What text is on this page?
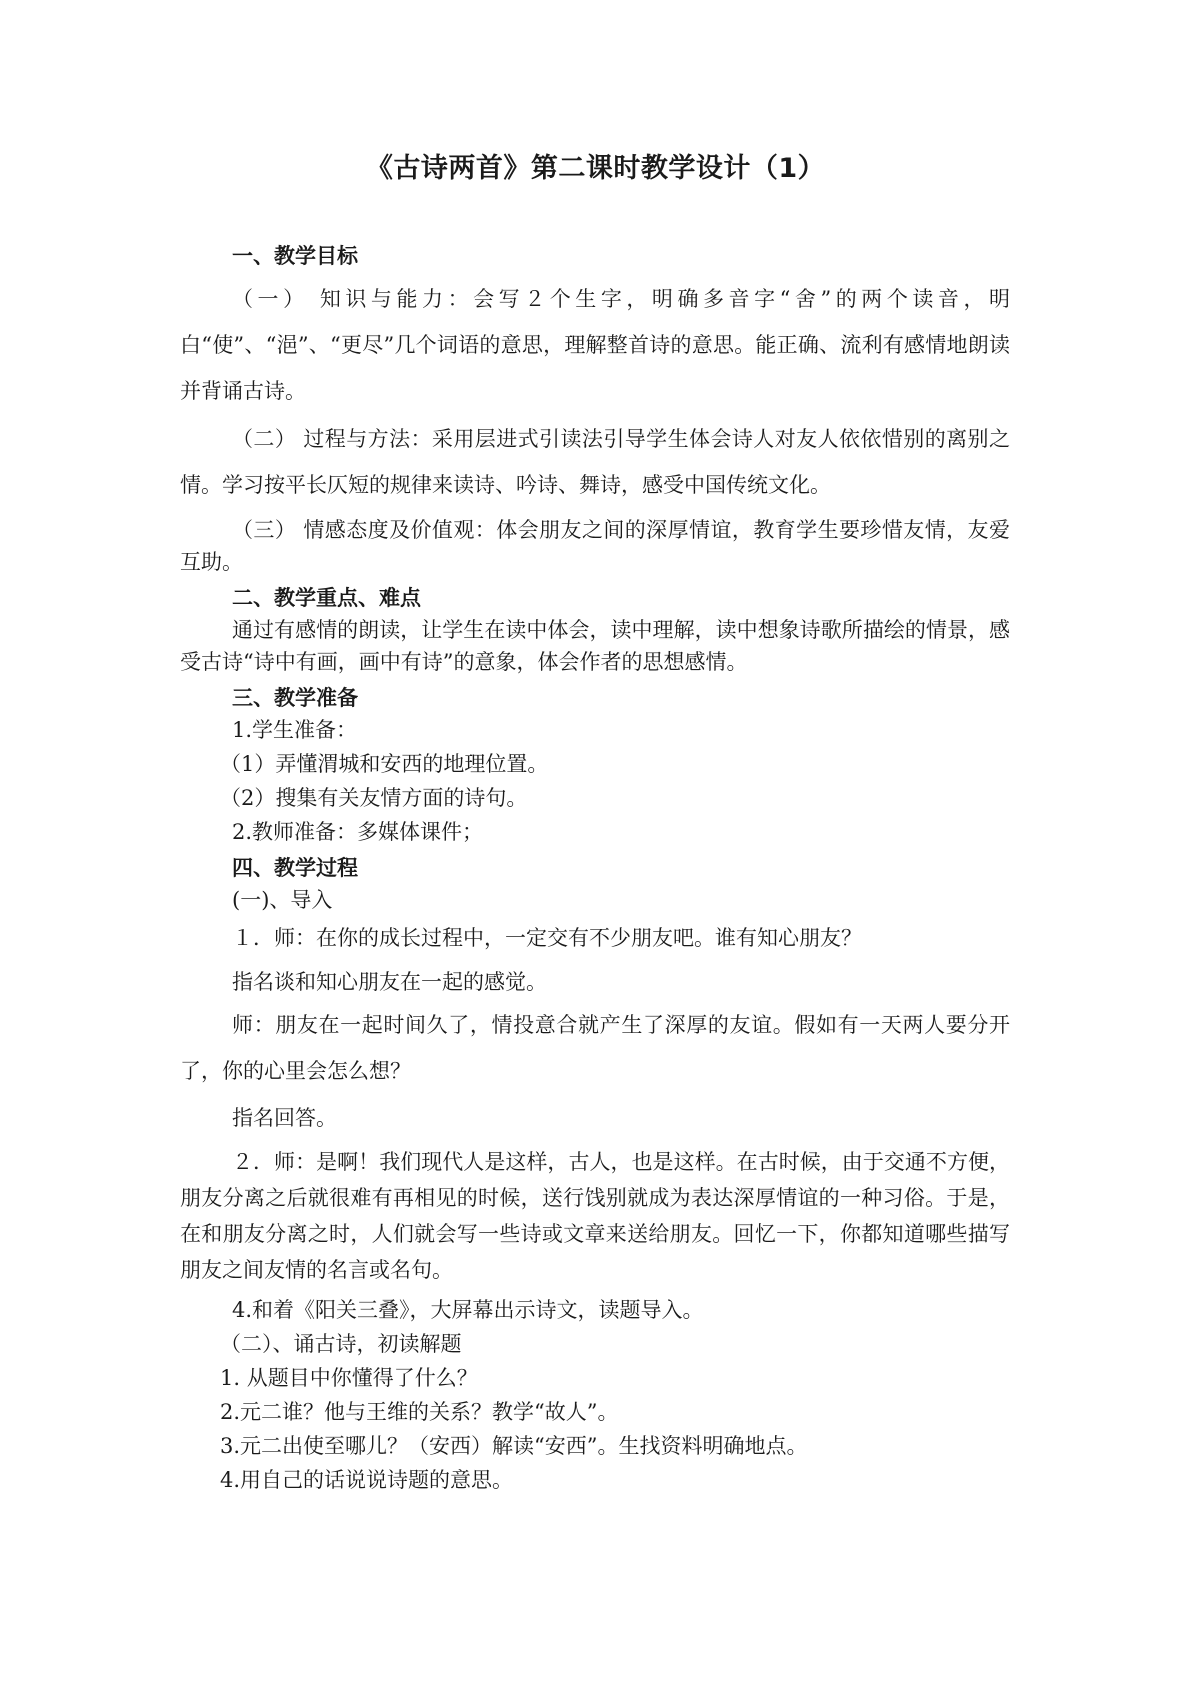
《古诗两首》第二课时教学设计（1）

一、教学目标

（一） 知识与能力：会写２个生字，明确多音字“舍”的两个读音，明白“使”、“浥”、“更尽”几个词语的意思，理解整首诗的意思。能正确、流利有感情地朗读并背诵古诗。

（二） 过程与方法：采用层进式引读法引导学生体会诗人对友人依依惜别的离别之情。学习按平长仄短的规律来读诗、吟诗、舞诗，感受中国传统文化。

（三） 情感态度及价值观：体会朋友之间的深厚情谊，教育学生要珍惜友情，友爱互助。

二、教学重点、难点

通过有感情的朗读，让学生在读中体会，读中理解，读中想象诗歌所描绘的情景，感受古诗“诗中有画，画中有诗”的意象，体会作者的思想感情。

三、教学准备

1.学生准备：

（1）弄懂渭城和安西的地理位置。

（2）搜集有关友情方面的诗句。

2.教师准备：多媒体课件；

四、教学过程

(一)、导入

１．师：在你的成长过程中，一定交有不少朋友吧。谁有知心朋友？

指名谈和知心朋友在一起的感觉。

师：朋友在一起时间久了，情投意合就产生了深厚的友谊。假如有一天两人要分开了，你的心里会怎么想？

指名回答。

２．师：是啊！我们现代人是这样，古人，也是这样。在古时候，由于交通不方便，朋友分离之后就很难有再相见的时候，送行饯别就成为表达深厚情谊的一种习俗。于是，在和朋友分离之时，人们就会写一些诗或文章来送给朋友。回忆一下，你都知道哪些描写朋友之间友情的名言或名句。

4.和着《阳关三叠》，大屏幕出示诗文，读题导入。

（二）、诵古诗，初读解题

1. 从题目中你懂得了什么？

2.元二谁？他与王维的关系？教学“故人”。

3.元二出使至哪儿？（安西）解读“安西”。生找资料明确地点。

4.用自己的话说说诗题的意思。
